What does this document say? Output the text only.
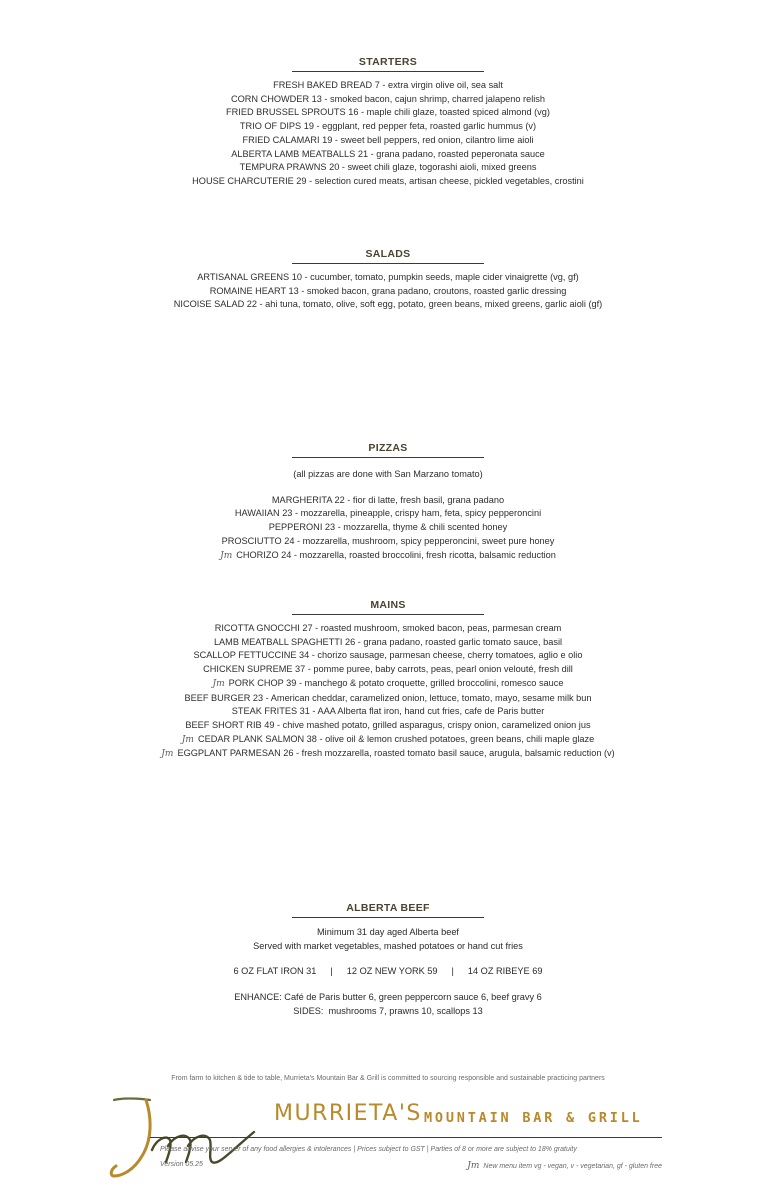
STARTERS
FRESH BAKED BREAD 7 - extra virgin olive oil, sea salt
CORN CHOWDER 13 - smoked bacon, cajun shrimp, charred jalapeno relish
FRIED BRUSSEL SPROUTS 16 - maple chili glaze, toasted spiced almond (vg)
TRIO OF DIPS 19 - eggplant, red pepper feta, roasted garlic hummus (v)
FRIED CALAMARI 19 - sweet bell peppers, red onion, cilantro lime aioli
ALBERTA LAMB MEATBALLS 21 - grana padano, roasted peperonata sauce
TEMPURA PRAWNS 20 - sweet chili glaze, togorashi aioli, mixed greens
HOUSE CHARCUTERIE 29 - selection cured meats, artisan cheese, pickled vegetables, crostini
SALADS
ARTISANAL GREENS 10 - cucumber, tomato, pumpkin seeds, maple cider vinaigrette (vg, gf)
ROMAINE HEART 13 - smoked bacon, grana padano, croutons, roasted garlic dressing
NICOISE SALAD 22 - ahi tuna, tomato, olive, soft egg, potato, green beans, mixed greens, garlic aioli (gf)
PIZZAS
(all pizzas are done with San Marzano tomato)
MARGHERITA 22 - fior di latte, fresh basil, grana padano
HAWAIIAN 23 - mozzarella, pineapple, crispy ham, feta, spicy pepperoncini
PEPPERONI 23 - mozzarella, thyme & chili scented honey
PROSCIUTTO 24 - mozzarella, mushroom, spicy pepperoncini, sweet pure honey
Jm CHORIZO 24 - mozzarella, roasted broccolini, fresh ricotta, balsamic reduction
MAINS
RICOTTA GNOCCHI 27 - roasted mushroom, smoked bacon, peas, parmesan cream
LAMB MEATBALL SPAGHETTI 26 - grana padano, roasted garlic tomato sauce, basil
SCALLOP FETTUCCINE 34 - chorizo sausage, parmesan cheese, cherry tomatoes, aglio e olio
CHICKEN SUPREME 37 - pomme puree, baby carrots, peas, pearl onion velouté, fresh dill
Jm PORK CHOP 39 - manchego & potato croquette, grilled broccolini, romesco sauce
BEEF BURGER 23 - American cheddar, caramelized onion, lettuce, tomato, mayo, sesame milk bun
STEAK FRITES 31 - AAA Alberta flat iron, hand cut fries, cafe de Paris butter
BEEF SHORT RIB 49 - chive mashed potato, grilled asparagus, crispy onion, caramelized onion jus
Jm CEDAR PLANK SALMON 38 - olive oil & lemon crushed potatoes, green beans, chili maple glaze
Jm EGGPLANT PARMESAN 26 - fresh mozzarella, roasted tomato basil sauce, arugula, balsamic reduction (v)
ALBERTA BEEF
Minimum 31 day aged Alberta beef
Served with market vegetables, mashed potatoes or hand cut fries
6 OZ FLAT IRON 31 | 12 OZ NEW YORK 59 | 14 OZ RIBEYE 69
ENHANCE: Café de Paris butter 6, green peppercorn sauce 6, beef gravy 6
SIDES:  mushrooms 7, prawns 10, scallops 13
From farm to kitchen & tide to table, Murrieta's Mountain Bar & Grill is committed to sourcing responsible and sustainable practicing partners
MURRIETA'S MOUNTAIN BAR & GRILL
Please advise your server of any food allergies & intolerances | Prices subject to GST | Parties of 8 or more are subject to 18% gratuity
Version 05.25	Jm New menu item vg - vegan, v - vegetarian, gf - gluten free
